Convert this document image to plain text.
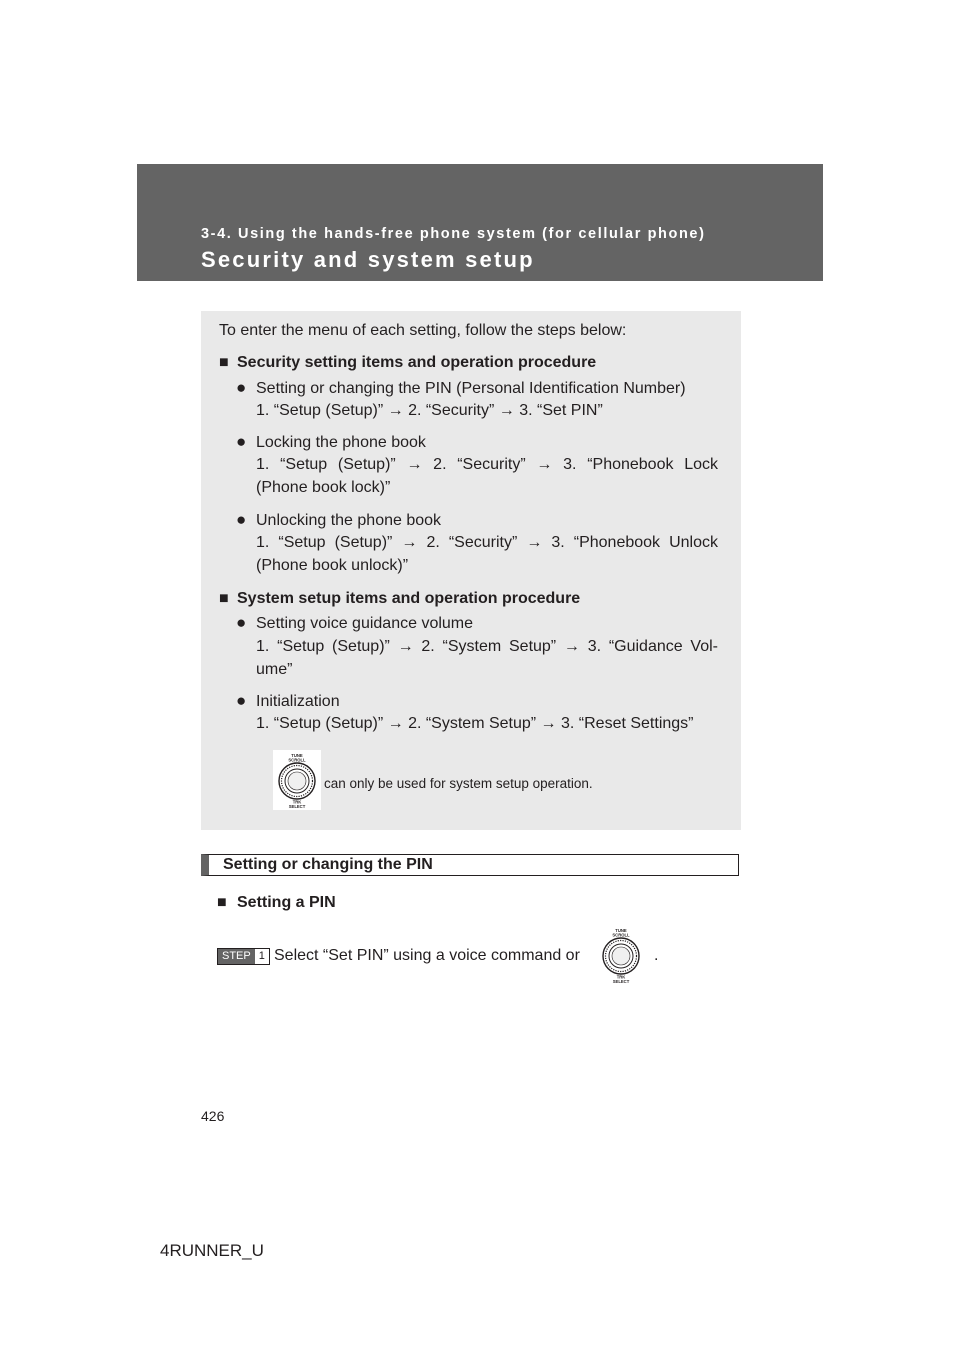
3-4. Using the hands-free phone system (for cellular phone)
Security and system setup
To enter the menu of each setting, follow the steps below:
■ Security setting items and operation procedure
● Setting or changing the PIN (Personal Identification Number)
1. “Setup (Setup)” → 2. “Security” → 3. “Set PIN”
● Locking the phone book
1. “Setup (Setup)” → 2. “Security” → 3. “Phonebook Lock
(Phone book lock)”
● Unlocking the phone book
1. “Setup (Setup)” → 2. “Security” → 3. “Phonebook Unlock
(Phone book unlock)”
■ System setup items and operation procedure
● Setting voice guidance volume
1. “Setup (Setup)” → 2. “System Setup” → 3. “Guidance Vol-
ume”
● Initialization
1. “Setup (Setup)” → 2. “System Setup” → 3. “Reset Settings”
TUNE
SCROLL
TRK
SELECT
can only be used for system setup operation.
Setting or changing the PIN
■ Setting a PIN
STEP 1 Select “Set PIN” using a voice command or
TUNE
SCROLL
TRK
SELECT
.
426
4RUNNER_U
